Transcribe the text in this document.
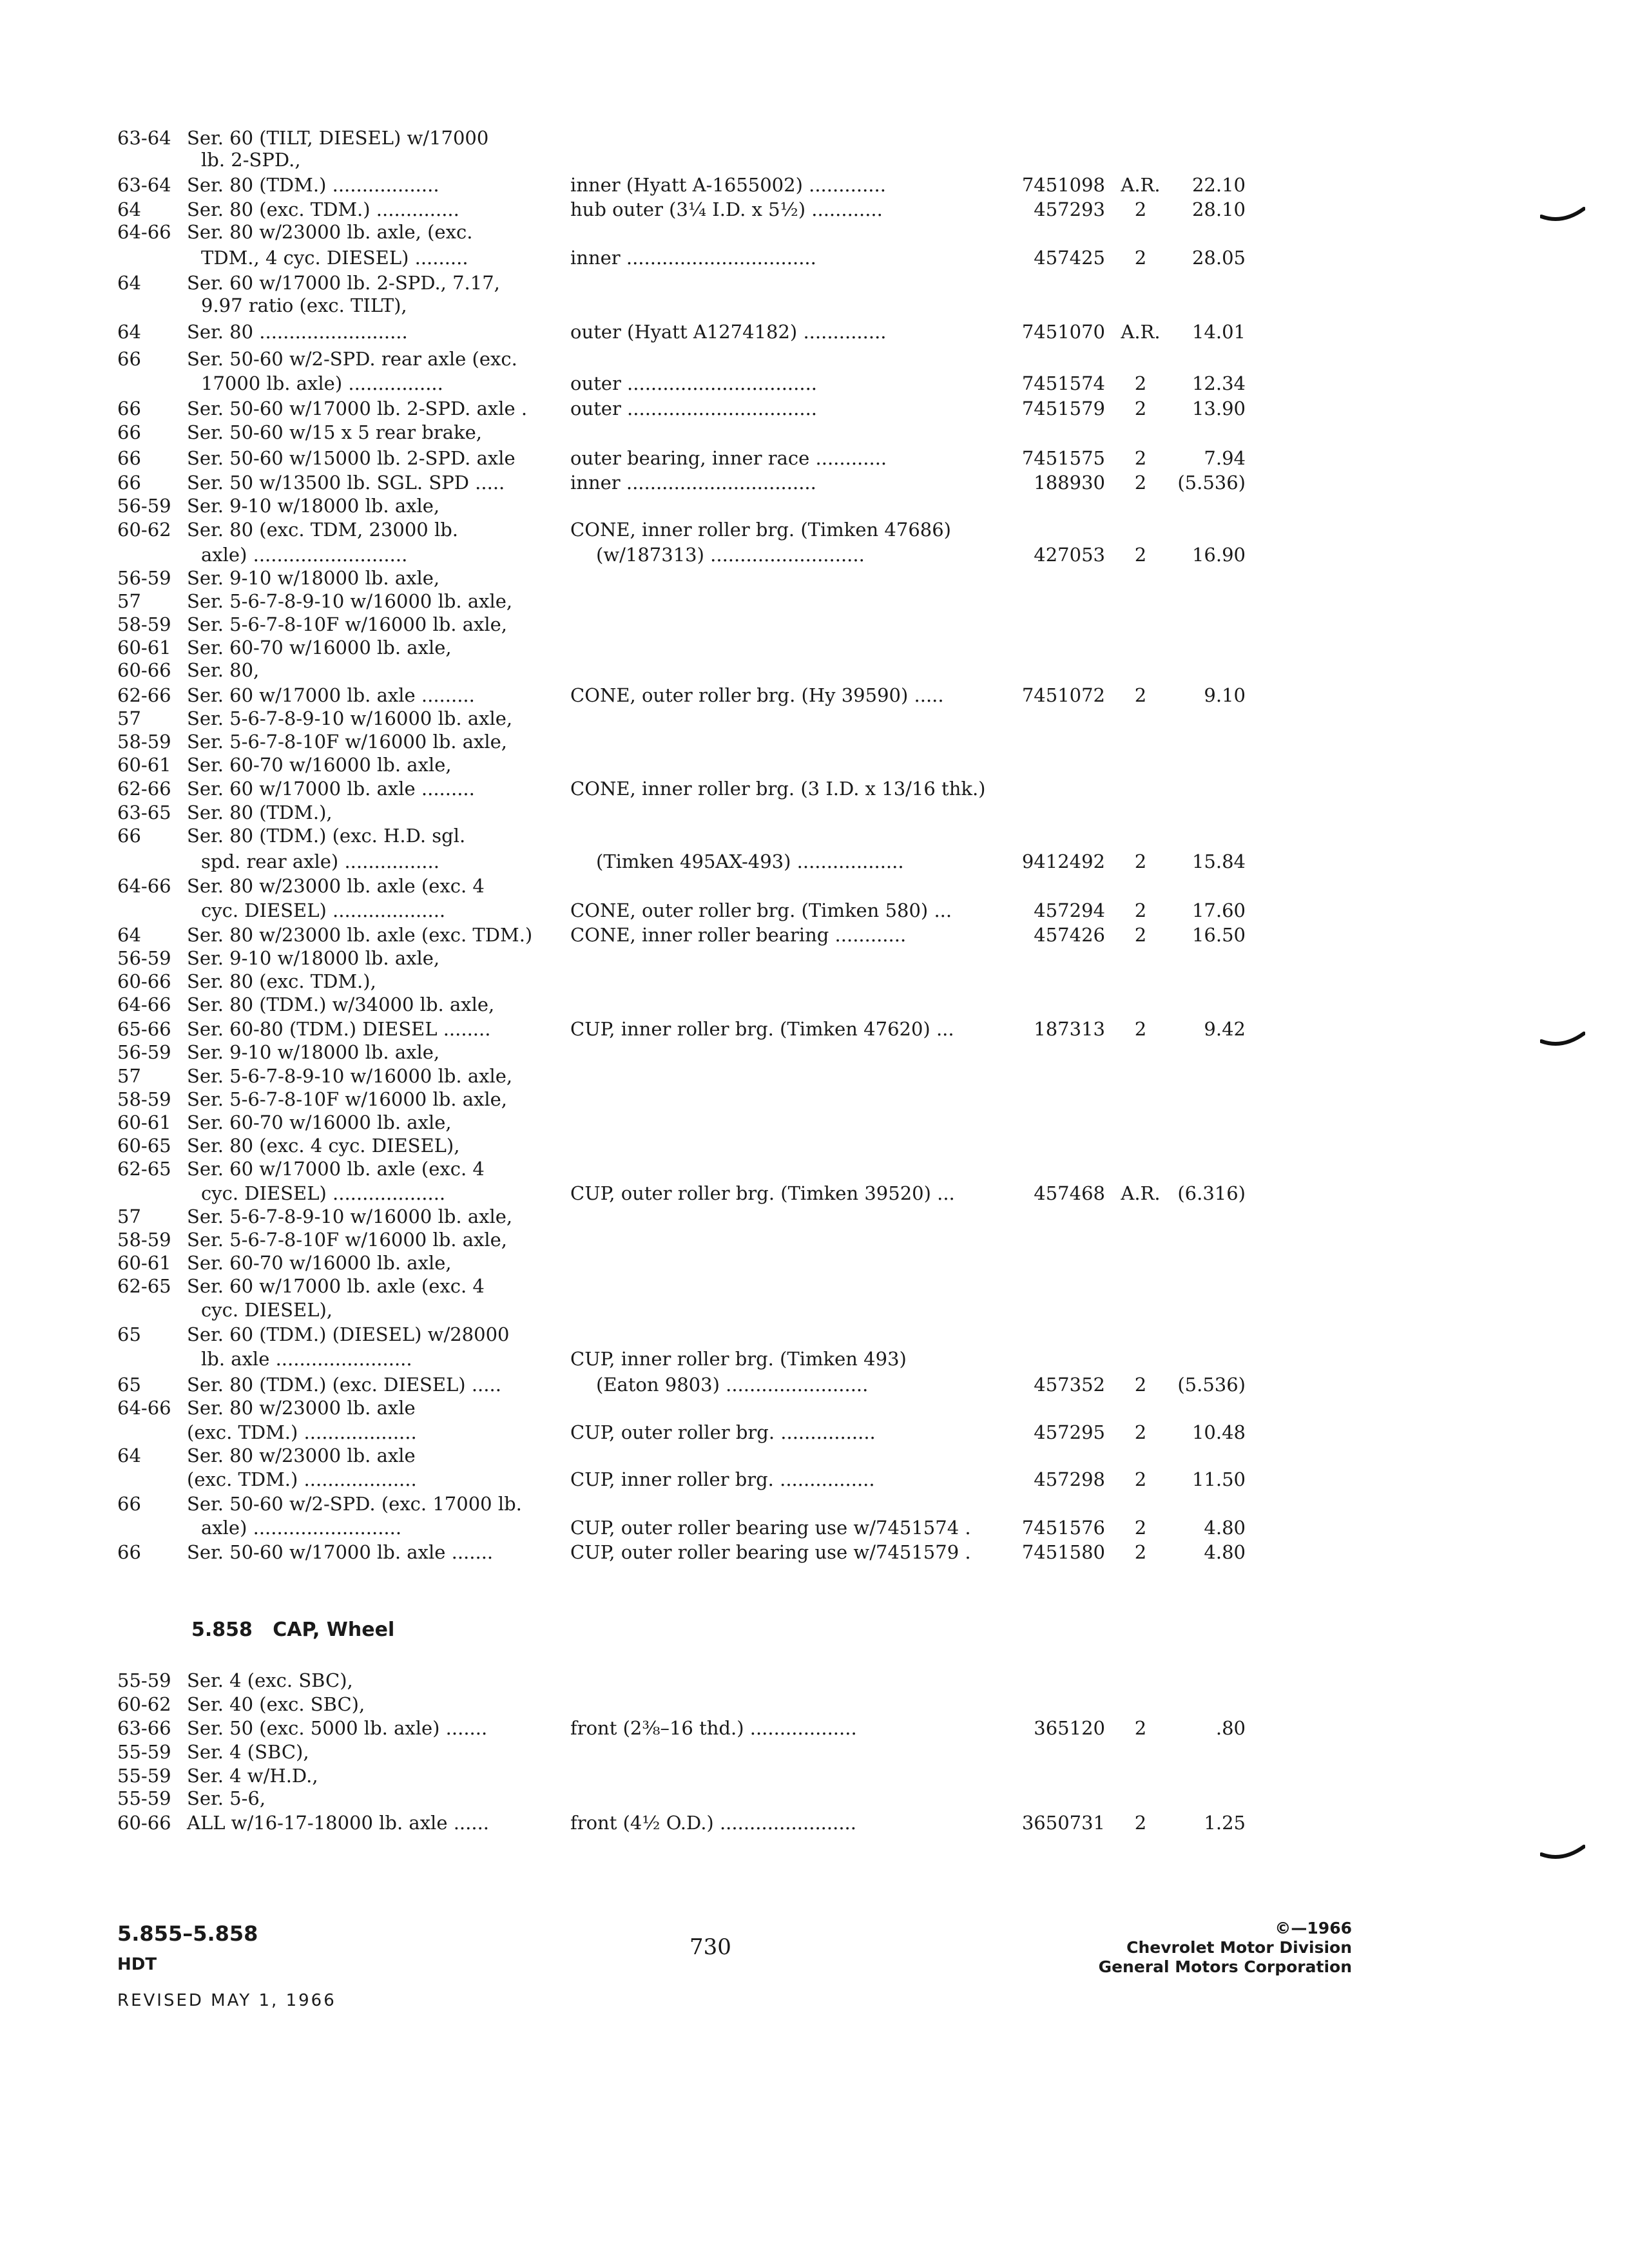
63-64 Ser. 60 (TILT, DIESEL) w/17000
lb. 2-SPD.,
63-64 Ser. 80 (TDM.) ..................	inner (Hyatt A-1655002) .............	7451098 A.R.	22.10
64 Ser. 80 (exc. TDM.) ..............	hub outer (3¼ I.D. x 5½) ............	457293	2	28.10
64-66 Ser. 80 w/23000 lb. axle, (exc.
TDM., 4 cyc. DIESEL) .........	inner ................................	457425	2	28.05
64 Ser. 60 w/17000 lb. 2-SPD., 7.17,
9.97 ratio (exc. TILT),
64 Ser. 80 .........................	outer (Hyatt A1274182) ..............	7451070 A.R.	14.01
66 Ser. 50-60 w/2-SPD. rear axle (exc.
17000 lb. axle) ................	outer ................................	7451574	2	12.34
66 Ser. 50-60 w/17000 lb. 2-SPD. axle . outer ................................	7451579	2	13.90
66 Ser. 50-60 w/15 x 5 rear brake,
66 Ser. 50-60 w/15000 lb. 2-SPD. axle	outer bearing, inner race ............	7451575	2	7.94
66 Ser. 50 w/13500 lb. SGL. SPD .....	inner ................................	188930	2	(5.536)
56-59 Ser. 9-10 w/18000 lb. axle,
60-62 Ser. 80 (exc. TDM, 23000 lb.	CONE, inner roller brg. (Timken 47686)
axle) ..........................	(w/187313) ..........................	427053	2	16.90
56-59 Ser. 9-10 w/18000 lb. axle,
57 Ser. 5-6-7-8-9-10 w/16000 lb. axle,
58-59 Ser. 5-6-7-8-10F w/16000 lb. axle,
60-61 Ser. 60-70 w/16000 lb. axle,
60-66 Ser. 80,
62-66 Ser. 60 w/17000 lb. axle .........	CONE, outer roller brg. (Hy 39590) .....	7451072	2	9.10
57 Ser. 5-6-7-8-9-10 w/16000 lb. axle,
58-59 Ser. 5-6-7-8-10F w/16000 lb. axle,
60-61 Ser. 60-70 w/16000 lb. axle,
62-66 Ser. 60 w/17000 lb. axle .........	CONE, inner roller brg. (3 I.D. x 13/16 thk.)
63-65 Ser. 80 (TDM.),
66 Ser. 80 (TDM.) (exc. H.D. sgl.
spd. rear axle) ................	(Timken 495AX-493) ..................	9412492	2	15.84
64-66 Ser. 80 w/23000 lb. axle (exc. 4
cyc. DIESEL) ...................	CONE, outer roller brg. (Timken 580) ...	457294	2	17.60
64 Ser. 80 w/23000 lb. axle (exc. TDM.) CONE, inner roller bearing ............	457426	2	16.50
56-59 Ser. 9-10 w/18000 lb. axle,
60-66 Ser. 80 (exc. TDM.),
64-66 Ser. 80 (TDM.) w/34000 lb. axle,
65-66 Ser. 60-80 (TDM.) DIESEL ........	CUP, inner roller brg. (Timken 47620) ...	187313	2	9.42
56-59 Ser. 9-10 w/18000 lb. axle,
57 Ser. 5-6-7-8-9-10 w/16000 lb. axle,
58-59 Ser. 5-6-7-8-10F w/16000 lb. axle,
60-61 Ser. 60-70 w/16000 lb. axle,
60-65 Ser. 80 (exc. 4 cyc. DIESEL),
62-65 Ser. 60 w/17000 lb. axle (exc. 4
cyc. DIESEL) ...................	CUP, outer roller brg. (Timken 39520) ...	457468 A.R. (6.316)
57 Ser. 5-6-7-8-9-10 w/16000 lb. axle,
58-59 Ser. 5-6-7-8-10F w/16000 lb. axle,
60-61 Ser. 60-70 w/16000 lb. axle,
62-65 Ser. 60 w/17000 lb. axle (exc. 4
cyc. DIESEL),
65 Ser. 60 (TDM.) (DIESEL) w/28000
lb. axle .......................	CUP, inner roller brg. (Timken 493)
65 Ser. 80 (TDM.) (exc. DIESEL) .....	(Eaton 9803) ........................	457352	2	(5.536)
64-66 Ser. 80 w/23000 lb. axle
(exc. TDM.) ...................	CUP, outer roller brg. ................	457295	2	10.48
64 Ser. 80 w/23000 lb. axle
(exc. TDM.) ...................	CUP, inner roller brg. ................	457298	2	11.50
66 Ser. 50-60 w/2-SPD. (exc. 17000 lb.
axle) .........................	CUP, outer roller bearing use w/7451574 .	7451576	2	4.80
66 Ser. 50-60 w/17000 lb. axle .......	CUP, outer roller bearing use w/7451579 .	7451580	2	4.80
5.858 CAP, Wheel
55-59 Ser. 4 (exc. SBC),
60-62 Ser. 40 (exc. SBC),
63-66 Ser. 50 (exc. 5000 lb. axle) .......	front (2⅜–16 thd.) ..................	365120	2	.80
55-59 Ser. 4 (SBC),
55-59 Ser. 4 w/H.D.,
55-59 Ser. 5-6,
60-66 ALL w/16-17-18000 lb. axle ......	front (4½ O.D.) .......................	3650731	2	1.25
5.855–5.858
HDT
REVISED MAY 1, 1966
730
©—1966
Chevrolet Motor Division
General Motors Corporation
